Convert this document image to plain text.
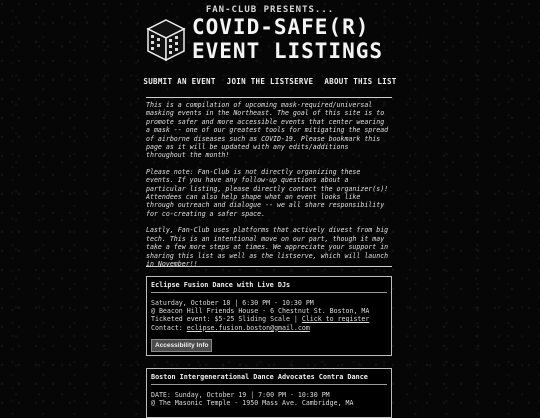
FAN-CLUB PRESENTS...
COVID-SAFE(R)
EVENT LISTINGS
SUBMIT AN EVENT JOIN THE LISTSERVE ABOUT THIS LIST

This is a compilation of upcoming mask-required/universal masking events in the Northeast. The goal of this site is to promote safer and more accessible events that center wearing a mask -- one of our greatest tools for mitigating the spread of airborne diseases such as COVID-19. Please bookmark this page as it will be updated with any edits/additions throughout the month!

Please note: Fan-Club is not directly organizing these events. If you have any follow-up questions about a particular listing, please directly contact the organizer(s)! Attendees can also help shape what an event looks like through outreach and dialogue -- we all share responsibility for co-creating a safer space.

Lastly, Fan-Club uses platforms that actively divest from big tech. This is an intentional move on our part, though it may take a few more steps at times. We appreciate your support in sharing this list as well as the listserve, which will launch in November!!

Eclipse Fusion Dance with Live DJs
Saturday, October 18 | 6:30 PM - 10:30 PM
@ Beacon Hill Friends House - 6 Chestnut St. Boston, MA
Ticketed event: $5-25 Sliding Scale | Click to register
Contact: eclipse.fusion.boston@gmail.com
Accessibility Info
Boston Intergenerational Dance Advocates Contra Dance
DATE: Sunday, October 19 | 7:00 PM - 10:30 PM
@ The Masonic Temple - 1950 Mass Ave. Cambridge, MA
